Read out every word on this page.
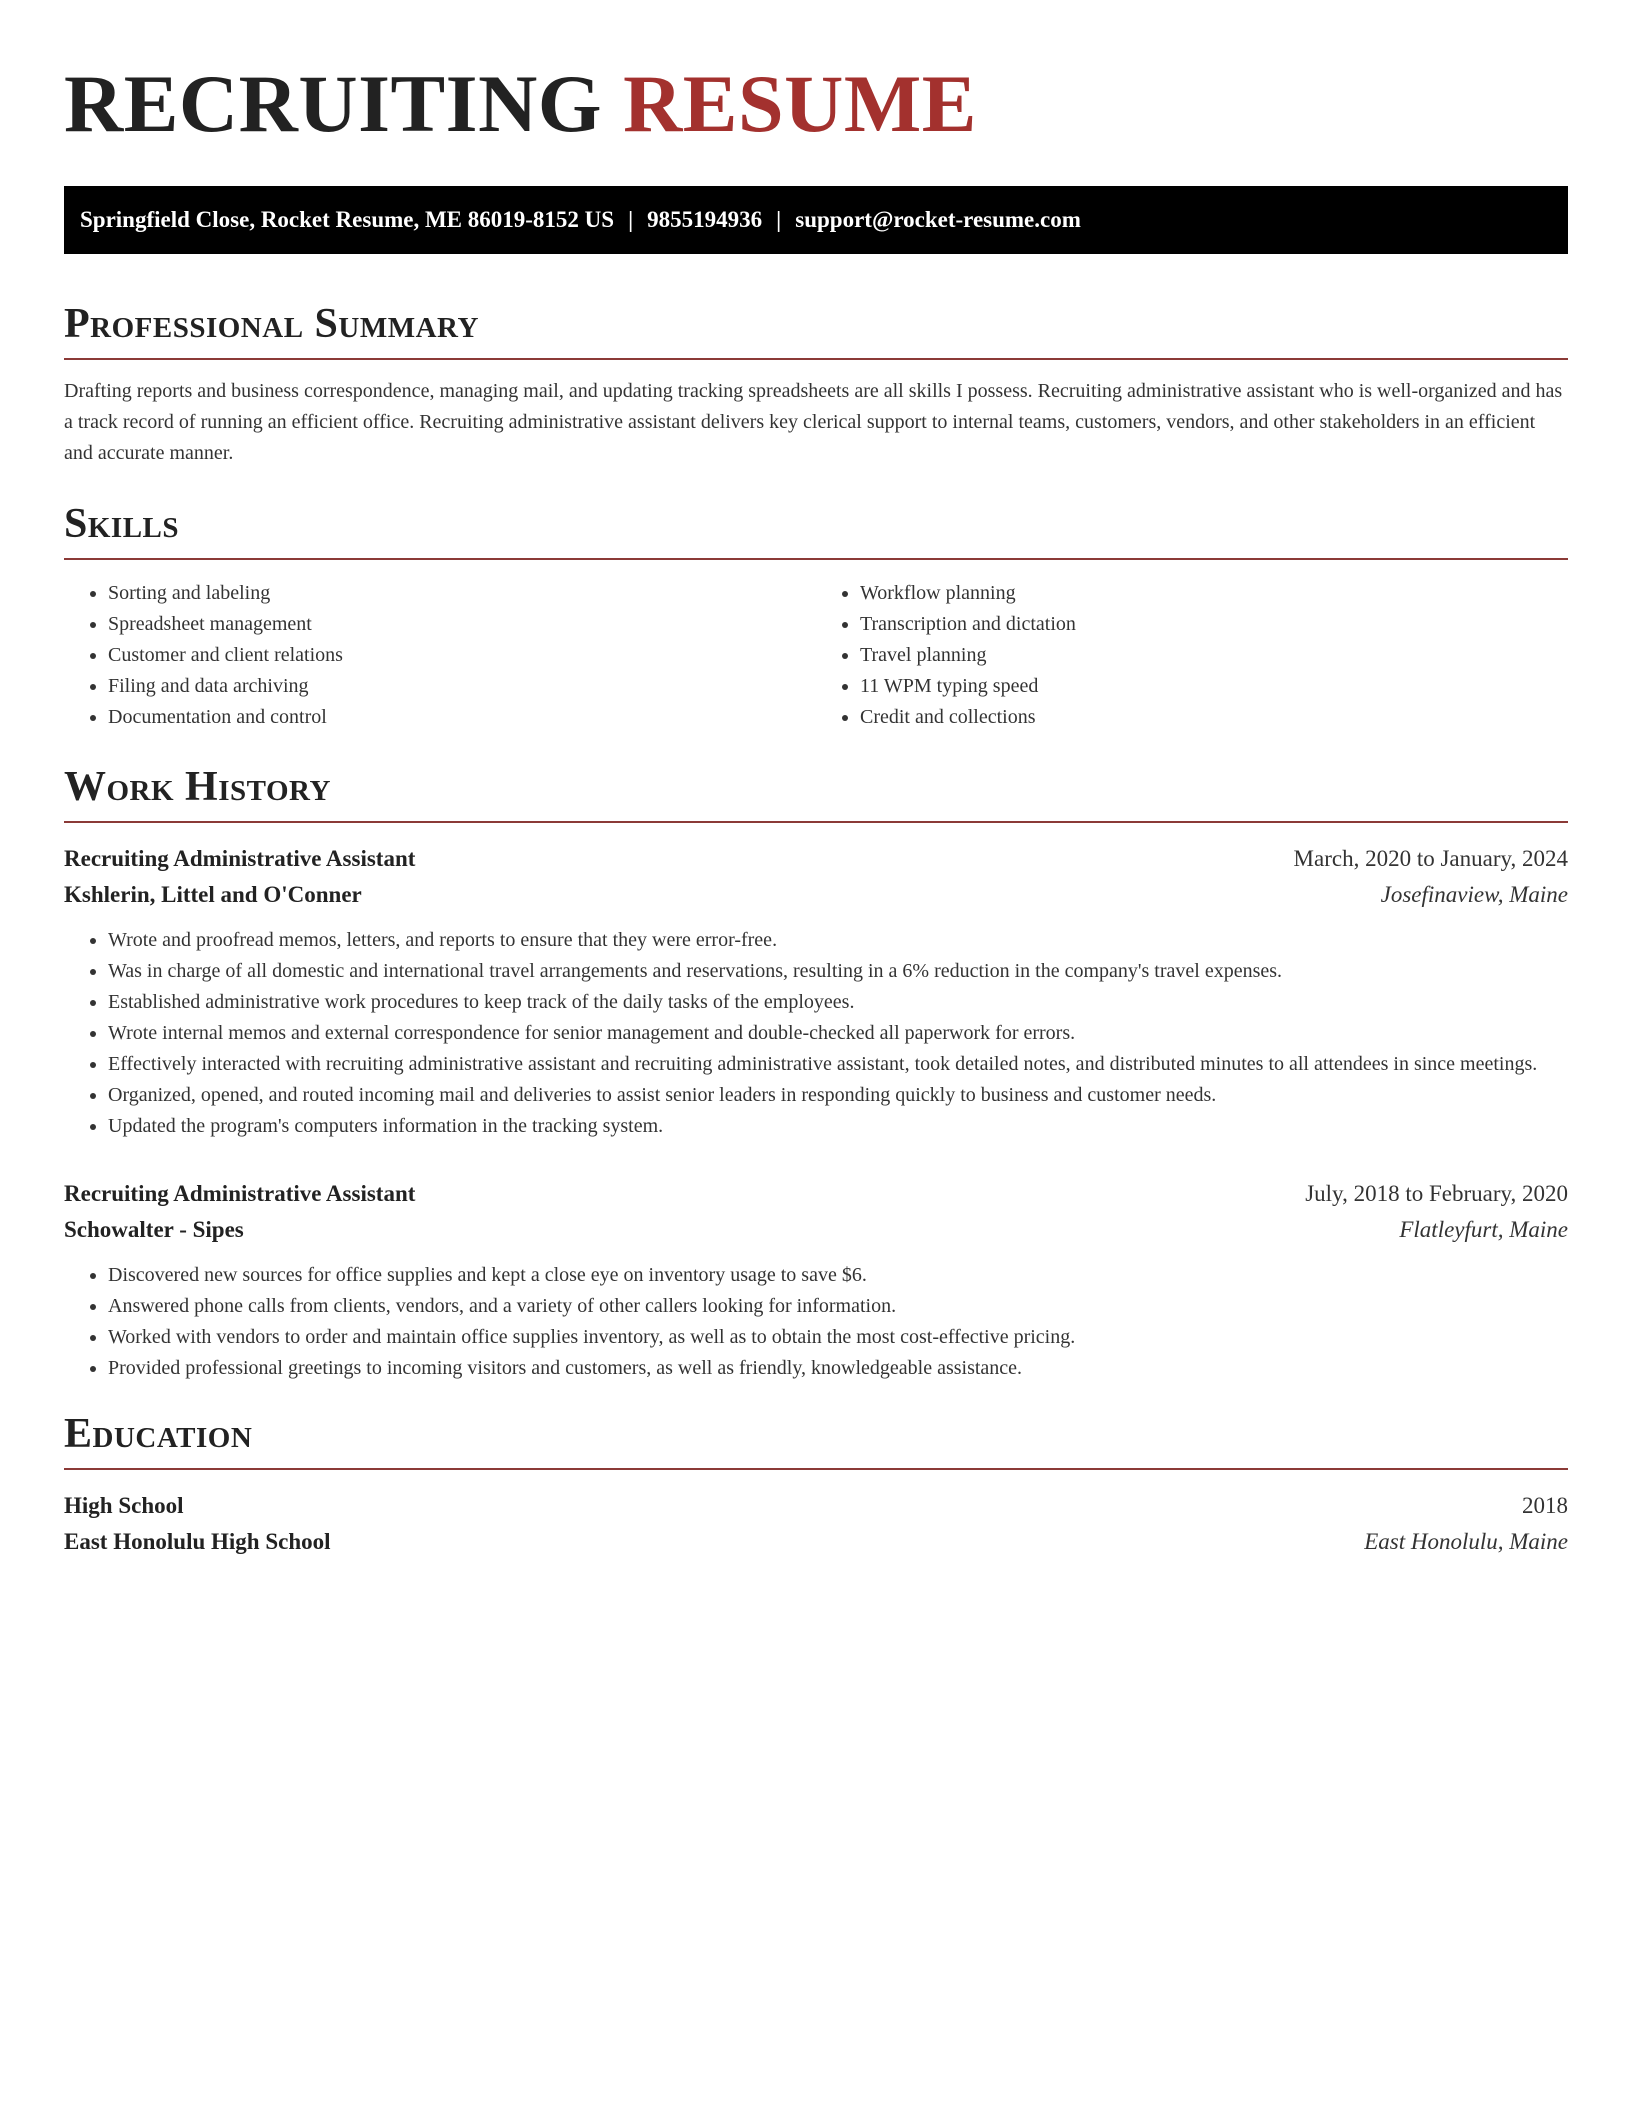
RECRUITING RESUME
Springfield Close, Rocket Resume, ME 86019-8152 US | 9855194936 | support@rocket-resume.com
Professional Summary

Drafting reports and business correspondence, managing mail, and updating tracking spreadsheets are all skills I possess. Recruiting administrative assistant who is well-organized and has a track record of running an efficient office. Recruiting administrative assistant delivers key clerical support to internal teams, customers, vendors, and other stakeholders in an efficient and accurate manner.

Skills
• Sorting and labeling
• Spreadsheet management
• Customer and client relations
• Filing and data archiving
• Documentation and control
• Workflow planning
• Transcription and dictation
• Travel planning
• 11 WPM typing speed
• Credit and collections
Work History
Recruiting Administrative Assistant	March, 2020 to January, 2024
Kshlerin, Littel and O'Conner	Josefinaview, Maine
• Wrote and proofread memos, letters, and reports to ensure that they were error-free.
• Was in charge of all domestic and international travel arrangements and reservations, resulting in a 6% reduction in the company's travel expenses.
• Established administrative work procedures to keep track of the daily tasks of the employees.
• Wrote internal memos and external correspondence for senior management and double-checked all paperwork for errors.
• Effectively interacted with recruiting administrative assistant and recruiting administrative assistant, took detailed notes, and distributed minutes to all attendees in since meetings.
• Organized, opened, and routed incoming mail and deliveries to assist senior leaders in responding quickly to business and customer needs.
• Updated the program's computers information in the tracking system.
Recruiting Administrative Assistant	July, 2018 to February, 2020
Schowalter - Sipes	Flatleyfurt, Maine
• Discovered new sources for office supplies and kept a close eye on inventory usage to save $6.
• Answered phone calls from clients, vendors, and a variety of other callers looking for information.
• Worked with vendors to order and maintain office supplies inventory, as well as to obtain the most cost-effective pricing.
• Provided professional greetings to incoming visitors and customers, as well as friendly, knowledgeable assistance.
Education
High School	2018
East Honolulu High School	East Honolulu, Maine
